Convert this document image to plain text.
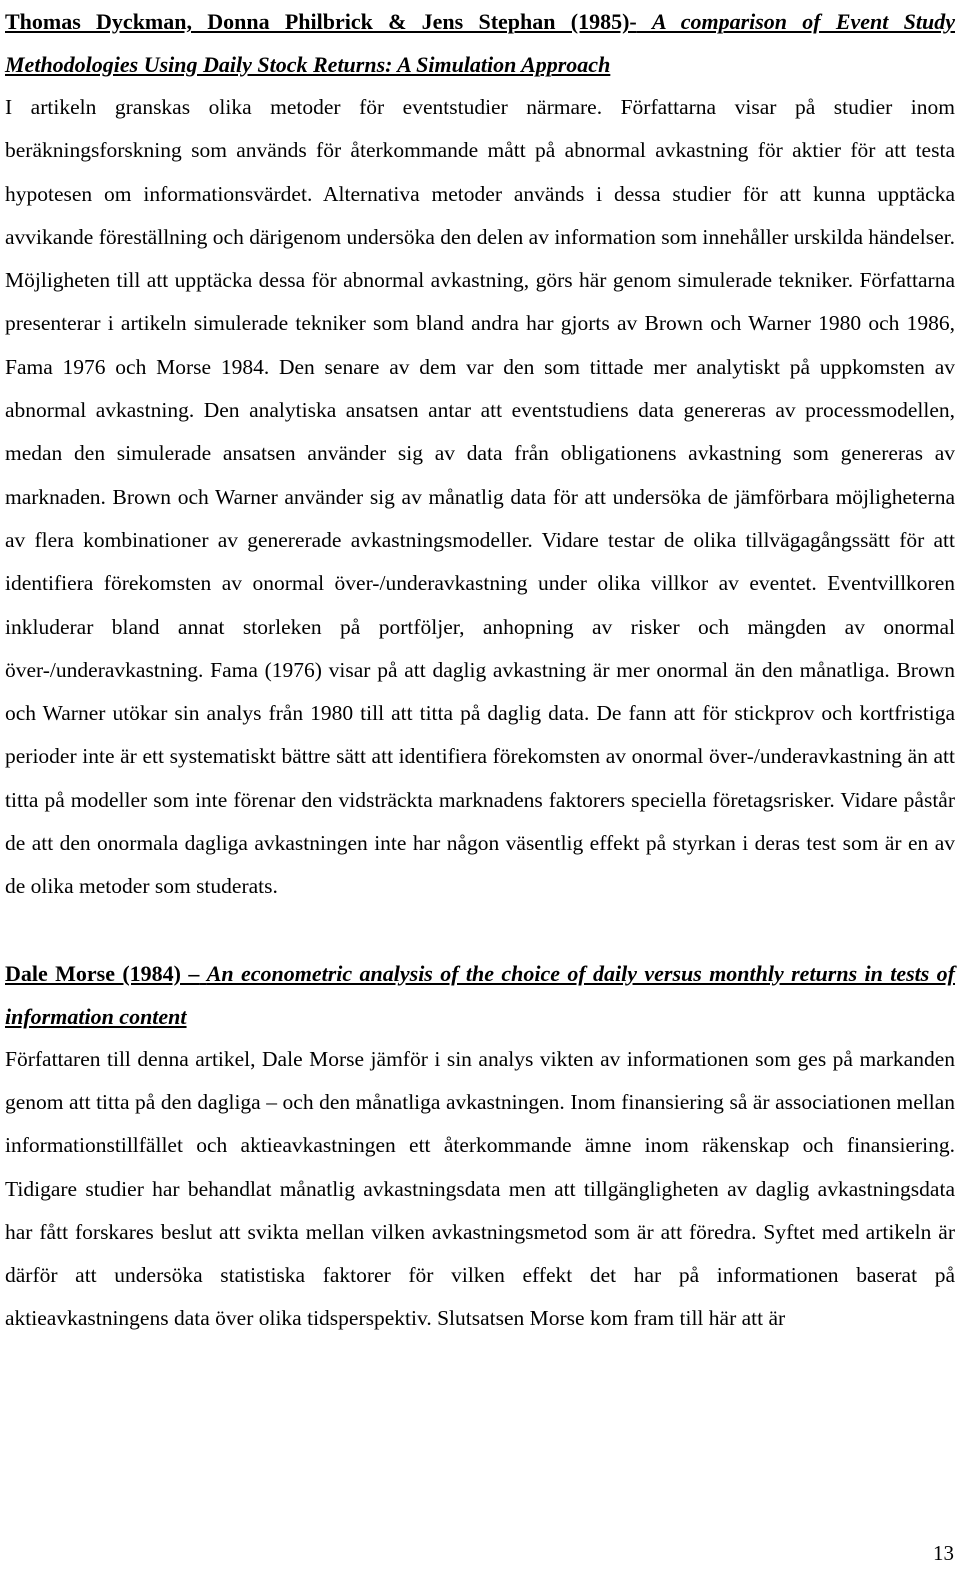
Thomas Dyckman, Donna Philbrick & Jens Stephan (1985)- A comparison of Event Study Methodologies Using Daily Stock Returns: A Simulation Approach

I artikeln granskas olika metoder för eventstudier närmare. Författarna visar på studier inom beräkningsforskning som används för återkommande mått på abnormal avkastning för aktier för att testa hypotesen om informationsvärdet. Alternativa metoder används i dessa studier för att kunna upptäcka avvikande föreställning och därigenom undersöka den delen av information som innehåller urskilda händelser. Möjligheten till att upptäcka dessa för abnormal avkastning, görs här genom simulerade tekniker. Författarna presenterar i artikeln simulerade tekniker som bland andra har gjorts av Brown och Warner 1980 och 1986, Fama 1976 och Morse 1984. Den senare av dem var den som tittade mer analytiskt på uppkomsten av abnormal avkastning. Den analytiska ansatsen antar att eventstudiens data genereras av processmodellen, medan den simulerade ansatsen använder sig av data från obligationens avkastning som genereras av marknaden. Brown och Warner använder sig av månatlig data för att undersöka de jämförbara möjligheterna av flera kombinationer av genererade avkastningsmodeller. Vidare testar de olika tillvägagångssätt för att identifiera förekomsten av onormal över-/underavkastning under olika villkor av eventet. Eventvillkoren inkluderar bland annat storleken på portföljer, anhopning av risker och mängden av onormal över-/underavkastning. Fama (1976) visar på att daglig avkastning är mer onormal än den månatliga. Brown och Warner utökar sin analys från 1980 till att titta på daglig data. De fann att för stickprov och kortfristiga perioder inte är ett systematiskt bättre sätt att identifiera förekomsten av onormal över-/underavkastning än att titta på modeller som inte förenar den vidsträckta marknadens faktorers speciella företagsrisker. Vidare påstår de att den onormala dagliga avkastningen inte har någon väsentlig effekt på styrkan i deras test som är en av de olika metoder som studerats.

Dale Morse (1984) – An econometric analysis of the choice of daily versus monthly returns in tests of information content

Författaren till denna artikel, Dale Morse jämför i sin analys vikten av informationen som ges på markanden genom att titta på den dagliga – och den månatliga avkastningen. Inom finansiering så är associationen mellan informationstillfället och aktieavkastningen ett återkommande ämne inom räkenskap och finansiering. Tidigare studier har behandlat månatlig avkastningsdata men att tillgängligheten av daglig avkastningsdata har fått forskares beslut att svikta mellan vilken avkastningsmetod som är att föredra. Syftet med artikeln är därför att undersöka statistiska faktorer för vilken effekt det har på informationen baserat på aktieavkastningens data över olika tidsperspektiv. Slutsatsen Morse kom fram till här att är

13
